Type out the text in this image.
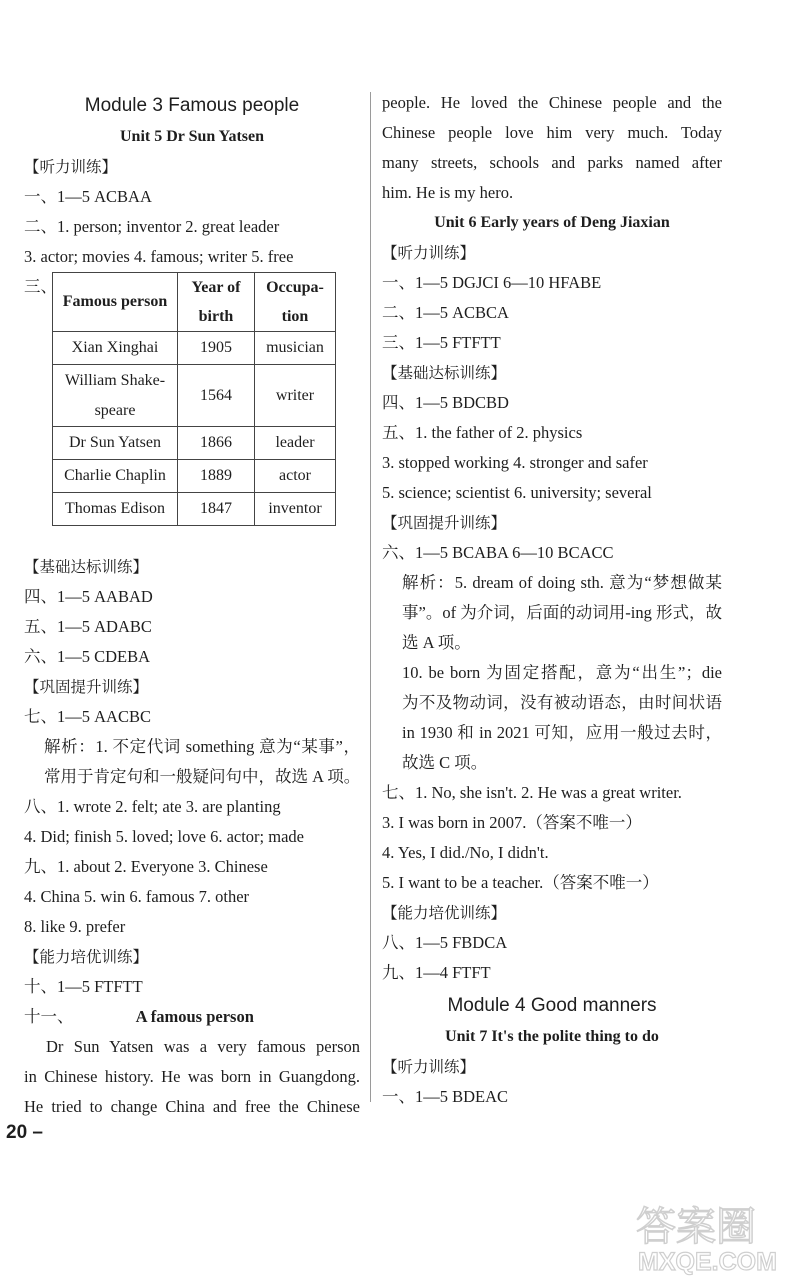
Module 3 Famous people
Unit 5 Dr Sun Yatsen
【听力训练】
一、1—5 ACBAA
二、1. person; inventor 2. great leader
3. actor; movies 4. famous; writer 5. free
【基础达标训练】
四、1—5 AABAD
五、1—5 ADABC
六、1—5 CDEBA
【巩固提升训练】
七、1—5 AACBC
解析：1. 不定代词 something 意为“某事”，
常用于肯定句和一般疑问句中，故选 A 项。
八、1. wrote 2. felt; ate 3. are planting
4. Did; finish 5. loved; love 6. actor; made
九、1. about 2. Everyone 3. Chinese
4. China 5. win 6. famous 7. other
8. like 9. prefer
【能力培优训练】
十、1—5 FTFTT
十一、	A famous person
Dr Sun Yatsen was a very famous person
in Chinese history. He was born in Guangdong.
He tried to change China and free the Chinese
三、
Famous person	Year of birth	Occupa-tion
Xian Xinghai	1905	musician
William Shake-speare	1564	writer
Dr Sun Yatsen	1866	leader
Charlie Chaplin	1889	actor
Thomas Edison	1847	inventor
people. He loved the Chinese people and the
Chinese people love him very much. Today
many streets, schools and parks named after
him. He is my hero.
Unit 6 Early years of Deng Jiaxian
【听力训练】
一、1—5 DGJCI 6—10 HFABE
二、1—5 ACBCA
三、1—5 FTFTT
【基础达标训练】
四、1—5 BDCBD
五、1. the father of 2. physics
3. stopped working 4. stronger and safer
5. science; scientist 6. university; several
【巩固提升训练】
六、1—5 BCABA 6—10 BCACC
解析：5. dream of doing sth. 意为“梦想做某
事”。of 为介词，后面的动词用-ing 形式，故
选 A 项。
10. be born 为固定搭配，意为“出生”；die
为不及物动词，没有被动语态，由时间状语
in 1930 和 in 2021 可知，应用一般过去时，
故选 C 项。
七、1. No, she isn't. 2. He was a great writer.
3. I was born in 2007.（答案不唯一）
4. Yes, I did./No, I didn't.
5. I want to be a teacher.（答案不唯一）
【能力培优训练】
八、1—5 FBDCA
九、1—4 FTFT
Module 4 Good manners
Unit 7 It's the polite thing to do
【听力训练】
一、1—5 BDEAC
20 –
答案圈
MXQE.COM
